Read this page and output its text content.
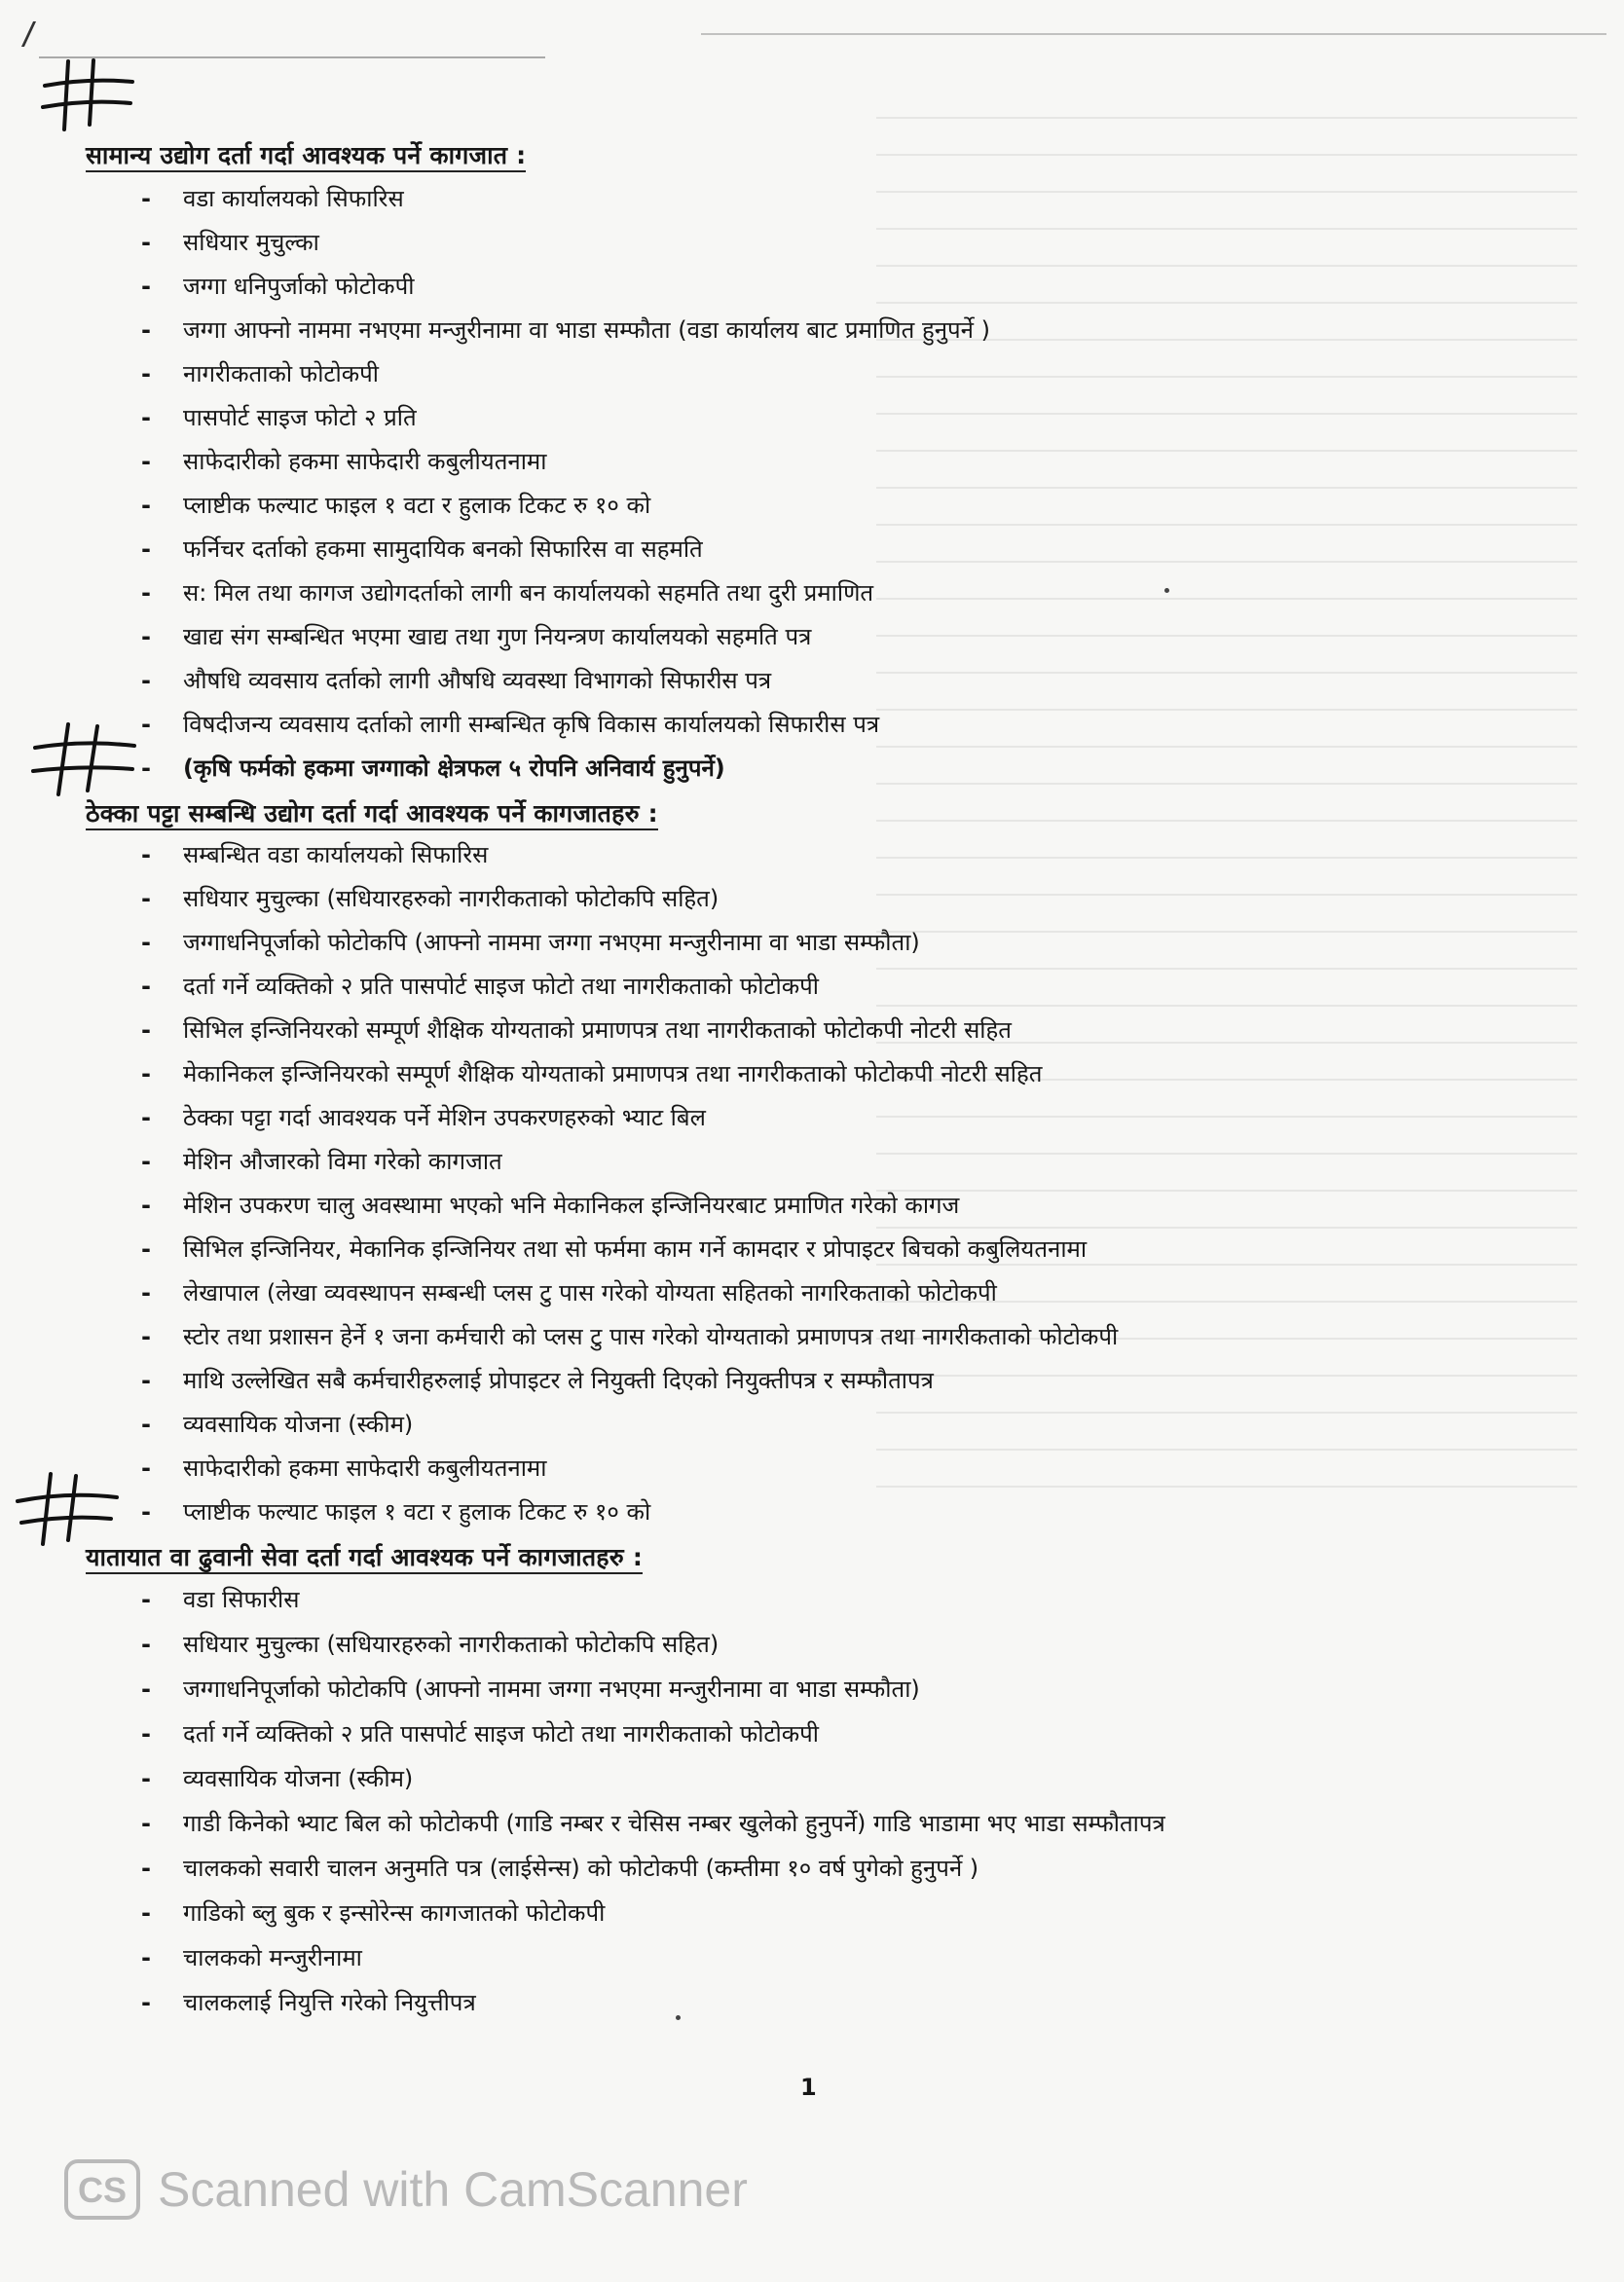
सामान्य उद्योग दर्ता गर्दा आवश्यक पर्ने कागजात :
- वडा कार्यालयको सिफारिस
- सधियार मुचुल्का
- जग्गा धनिपुर्जाको फोटोकपी
- जग्गा आफ्नो नाममा नभएमा मन्जुरीनामा वा भाडा सम्फौता (वडा कार्यालय बाट प्रमाणित हुनुपर्ने )
- नागरीकताको फोटोकपी
- पासपोर्ट साइज फोटो २ प्रति
- साफेदारीको हकमा साफेदारी कबुलीयतनामा
- प्लाष्टीक फल्याट फाइल १ वटा र हुलाक टिकट रु १० को
- फर्निचर दर्ताको हकमा सामुदायिक बनको सिफारिस वा सहमति
- स: मिल तथा कागज उद्योगदर्ताको लागी बन कार्यालयको सहमति तथा दुरी प्रमाणित
- खाद्य संग सम्बन्धित भएमा खाद्य तथा गुण नियन्त्रण कार्यालयको सहमति पत्र
- औषधि व्यवसाय दर्ताको लागी औषधि व्यवस्था विभागको सिफारीस पत्र
- विषदीजन्य व्यवसाय दर्ताको लागी सम्बन्धित कृषि विकास कार्यालयको सिफारीस पत्र
- (कृषि फर्मको हकमा जग्गाको क्षेत्रफल ५ रोपनि अनिवार्य हुनुपर्ने)
ठेक्का पट्टा सम्बन्धि उद्योग दर्ता गर्दा आवश्यक पर्ने कागजातहरु :
- सम्बन्धित वडा कार्यालयको सिफारिस
- सधियार मुचुल्का (सधियारहरुको नागरीकताको फोटोकपि सहित)
- जग्गाधनिपूर्जाको फोटोकपि (आफ्नो नाममा जग्गा नभएमा मन्जुरीनामा वा भाडा सम्फौता)
- दर्ता गर्ने व्यक्तिको २ प्रति पासपोर्ट साइज फोटो तथा नागरीकताको फोटोकपी
- सिभिल इन्जिनियरको सम्पूर्ण शैक्षिक योग्यताको प्रमाणपत्र तथा नागरीकताको फोटोकपी नोटरी सहित
- मेकानिकल इन्जिनियरको सम्पूर्ण शैक्षिक योग्यताको प्रमाणपत्र तथा नागरीकताको फोटोकपी नोटरी सहित
- ठेक्का पट्टा गर्दा आवश्यक पर्ने मेशिन उपकरणहरुको भ्याट बिल
- मेशिन औजारको विमा गरेको कागजात
- मेशिन उपकरण चालु अवस्थामा भएको भनि मेकानिकल इन्जिनियरबाट प्रमाणित गरेको कागज
- सिभिल इन्जिनियर, मेकानिक इन्जिनियर तथा सो फर्ममा काम गर्ने कामदार र प्रोपाइटर बिचको कबुलियतनामा
- लेखापाल (लेखा व्यवस्थापन सम्बन्धी प्लस टु पास गरेको योग्यता सहितको नागरिकताको फोटोकपी
- स्टोर तथा प्रशासन हेर्ने १ जना कर्मचारी को प्लस टु पास गरेको योग्यताको प्रमाणपत्र तथा नागरीकताको फोटोकपी
- माथि उल्लेखित सबै कर्मचारीहरुलाई प्रोपाइटर ले नियुक्ती दिएको नियुक्तीपत्र र सम्फौतापत्र
- व्यवसायिक योजना (स्कीम)
- साफेदारीको हकमा साफेदारी कबुलीयतनामा
- प्लाष्टीक फल्याट फाइल १ वटा र हुलाक टिकट रु १० को
यातायात वा ढुवानी सेवा दर्ता गर्दा आवश्यक पर्ने कागजातहरु :
- वडा सिफारीस
- सधियार मुचुल्का (सधियारहरुको नागरीकताको फोटोकपि सहित)
- जग्गाधनिपूर्जाको फोटोकपि (आफ्नो नाममा जग्गा नभएमा मन्जुरीनामा वा भाडा सम्फौता)
- दर्ता गर्ने व्यक्तिको २ प्रति पासपोर्ट साइज फोटो तथा नागरीकताको फोटोकपी
- व्यवसायिक योजना (स्कीम)
- गाडी किनेको भ्याट बिल को फोटोकपी (गाडि नम्बर र चेसिस नम्बर खुलेको हुनुपर्ने) गाडि भाडामा भए भाडा सम्फौतापत्र
- चालकको सवारी चालन अनुमति पत्र (लाईसेन्स) को फोटोकपी (कम्तीमा १० वर्ष पुगेको हुनुपर्ने )
- गाडिको ब्लु बुक र इन्सोरेन्स कागजातको फोटोकपी
- चालकको मन्जुरीनामा
- चालकलाई नियुत्ति गरेको नियुत्तीपत्र
1
CS Scanned with CamScanner
